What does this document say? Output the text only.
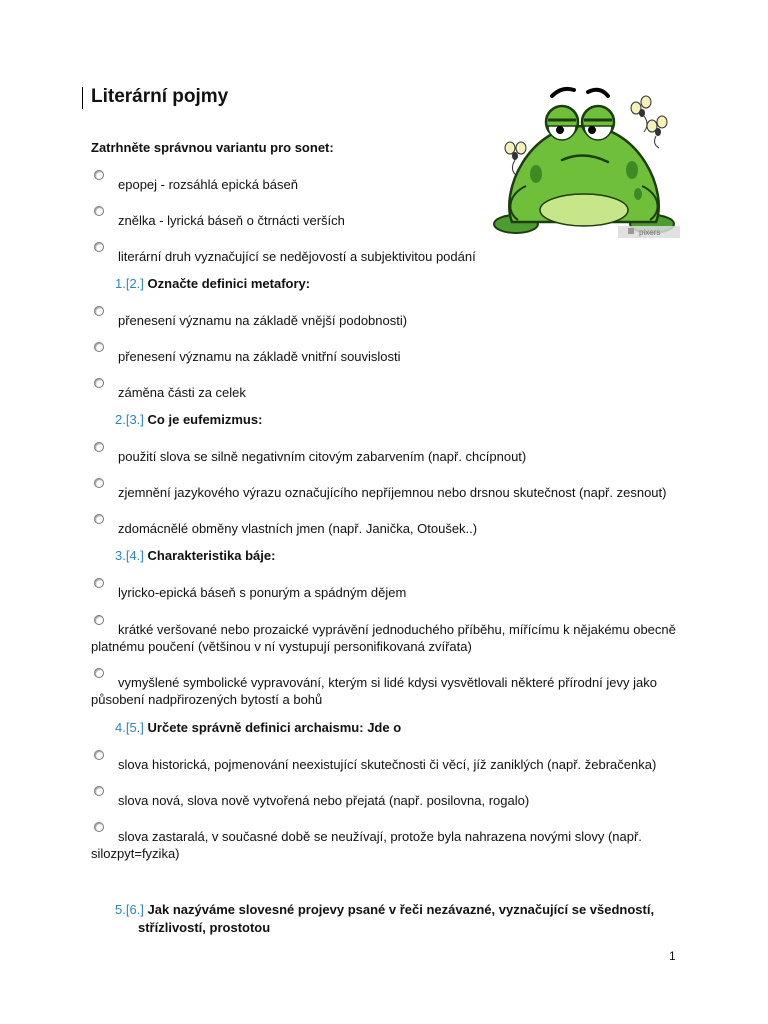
Literární pojmy
pixers
Zatrhněte správnou variantu pro sonet:
epopej - rozsáhlá epická báseň
znělka - lyrická báseň o čtrnácti verších
literární druh vyznačující se nedějovostí a subjektivitou podání
1.[2.] Označte definici metafory:
přenesení významu na základě vnější podobnosti)
přenesení významu na základě vnitřní souvislosti
záměna části za celek
2.[3.] Co je eufemizmus:
použití slova se silně negativním citovým zabarvením (např. chcípnout)
zjemnění jazykového výrazu označujícího nepříjemnou nebo drsnou skutečnost (např. zesnout)
zdomácnělé obměny vlastních jmen (např. Janička, Otoušek..)
3.[4.] Charakteristika báje:
lyricko-epická báseň s ponurým a spádným dějem
krátké veršované nebo prozaické vyprávění jednoduchého příběhu, mířícímu k nějakému obecně platnému poučení (většinou v ní vystupují personifikovaná zvířata)
vymyšlené symbolické vypravování, kterým si lidé kdysi vysvětlovali některé přírodní jevy jako působení nadpřirozených bytostí a bohů
4.[5.] Určete správně definici archaismu: Jde o
slova historická, pojmenování neexistující skutečnosti či věcí, jíž zaniklých (např. žebračenka)
slova nová, slova nově vytvořená nebo přejatá (např. posilovna, rogalo)
slova zastaralá, v současné době se neužívají, protože byla nahrazena novými slovy (např. silozpyt=fyzika)
5.[6.] Jak nazýváme slovesné projevy psané v řeči nezávazné, vyznačující se všedností,
střízlivostí, prostotou
1
